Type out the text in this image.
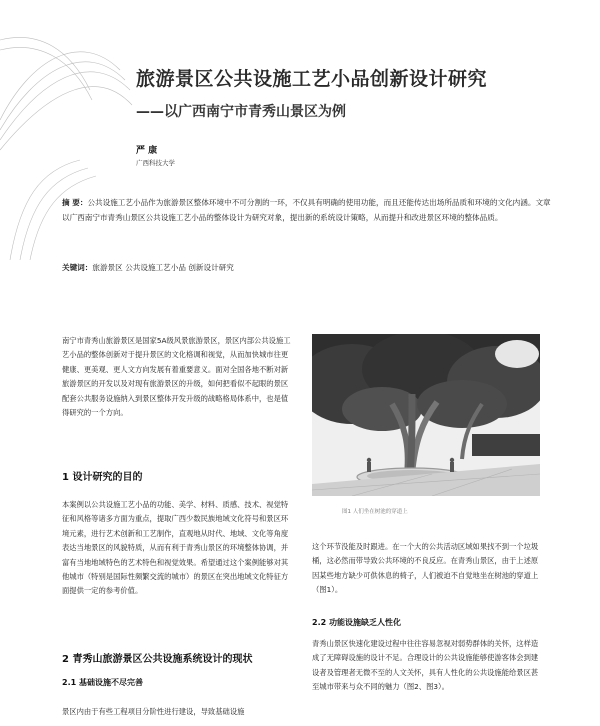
旅游景区公共设施工艺小品创新设计研究
——以广西南宁市青秀山景区为例
严 康
广西科技大学
摘 要：公共设施工艺小品作为旅游景区整体环境中不可分割的一环，不仅具有明确的使用功能，而且还能传达出场所品质和环境的文化内涵。文章以广西南宁市青秀山景区公共设施工艺小品的整体设计为研究对象，提出新的系统设计策略，从而提升和改进景区环境的整体品质。
关键词：旅游景区 公共设施工艺小品 创新设计研究
南宁市青秀山旅游景区是国家5A级风景旅游景区，景区内部公共设施工艺小品的整体创新对于提升景区的文化格调和视觉，从而加快城市往更健康、更美观、更人文方向发展有着重要意义。面对全国各地不断对新旅游景区的开发以及对现有旅游景区的升级，如何把看似不起眼的景区配套公共服务设施纳入到景区整体开发升级的战略格局体系中，也是值得研究的一个方向。
1 设计研究的目的
本案例以公共设施工艺小品的功能、美学、材料、质感、技术、视觉特征和风格等诸多方面为重点，提取广西少数民族地域文化符号和景区环境元素，进行艺术创新和工艺制作，直观地从时代、地域、文化等角度表达当地景区的风貌特质，从而有利于青秀山景区的环境整体协调，并富有当地地域特色的艺术特色和视觉效果。希望通过这个案例能够对其他城市（特别是国际性频繁交流的城市）的景区在突出地域文化特征方面提供一定的参考价值。
2 青秀山旅游景区公共设施系统设计的现状
2.1 基础设施不尽完善
景区内由于有些工程项目分阶性进行建设，导致基础设施
图1 人们坐在树池的穿道上
这个环节没能及时跟进。在一个大的公共活动区域如果找不到一个垃圾桶，这必然而带导致公共环境的不良反应。在青秀山景区，由于上述原因某些地方缺少可供休息的椅子，人们被迫不自觉地坐在树池的穿道上（图1）。
2.2 功能设施缺乏人性化
青秀山景区快速化建设过程中往往容易忽视对弱势群体的关怀，这样造成了无障碍设施的设计不足。合理设计的公共设施能够使游客体会到建设者及管理者无微不至的人文关怀，具有人性化的公共设施能给景区甚至城市带来与众不同的魅力（图2、图3）。
